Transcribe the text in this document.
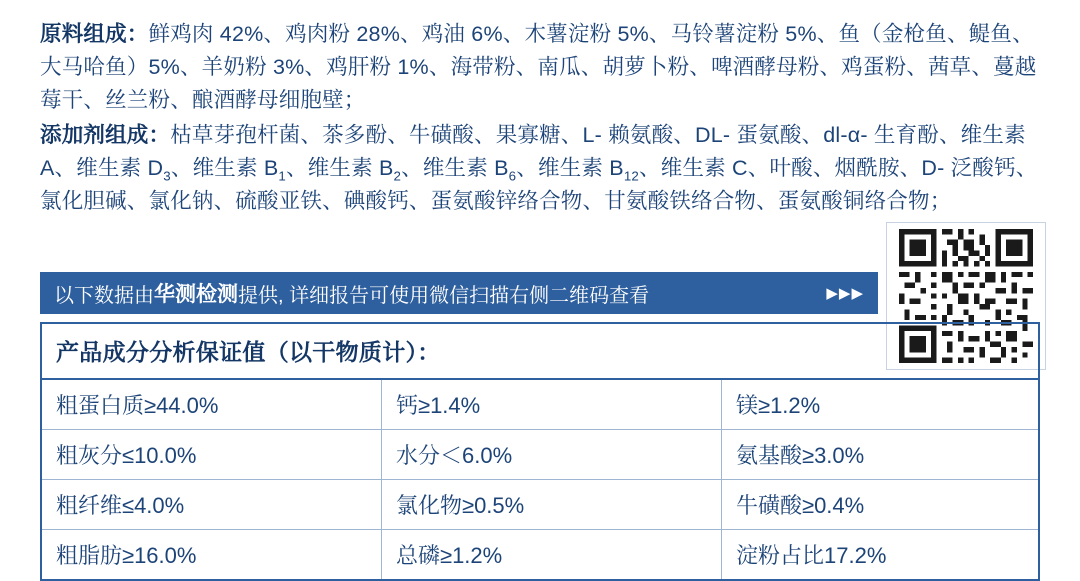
原料组成：鲜鸡肉 42%、鸡肉粉 28%、鸡油 6%、木薯淀粉 5%、马铃薯淀粉 5%、鱼（金枪鱼、鳀鱼、大马哈鱼）5%、羊奶粉 3%、鸡肝粉 1%、海带粉、南瓜、胡萝卜粉、啤酒酵母粉、鸡蛋粉、茜草、蔓越莓干、丝兰粉、酿酒酵母细胞壁；
添加剂组成：枯草芽孢杆菌、茶多酚、牛磺酸、果寡糖、L- 赖氨酸、DL- 蛋氨酸、dl-α- 生育酚、维生素 A、维生素 $D_3$、维生素 $B_1$、维生素 $B_2$、维生素 $B_6$、维生素 $B_{12}$、维生素 C、叶酸、烟酰胺、D- 泛酸钙、氯化胆碱、氯化钠、硫酸亚铁、碘酸钙、蛋氨酸锌络合物、甘氨酸铁络合物、蛋氨酸铜络合物；
以下数据由 华测检测 提供, 详细报告可使用微信扫描右侧二维码查看	▶▶▶
产品成分分析保证值（以干物质计）：
粗蛋白质≥44.0%	钙≥1.4%	镁≥1.2%
粗灰分≤10.0%	水分＜6.0%	氨基酸≥3.0%
粗纤维≤4.0%	氯化物≥0.5%	牛磺酸≥0.4%
粗脂肪≥16.0%	总磷≥1.2%	淀粉占比17.2%
